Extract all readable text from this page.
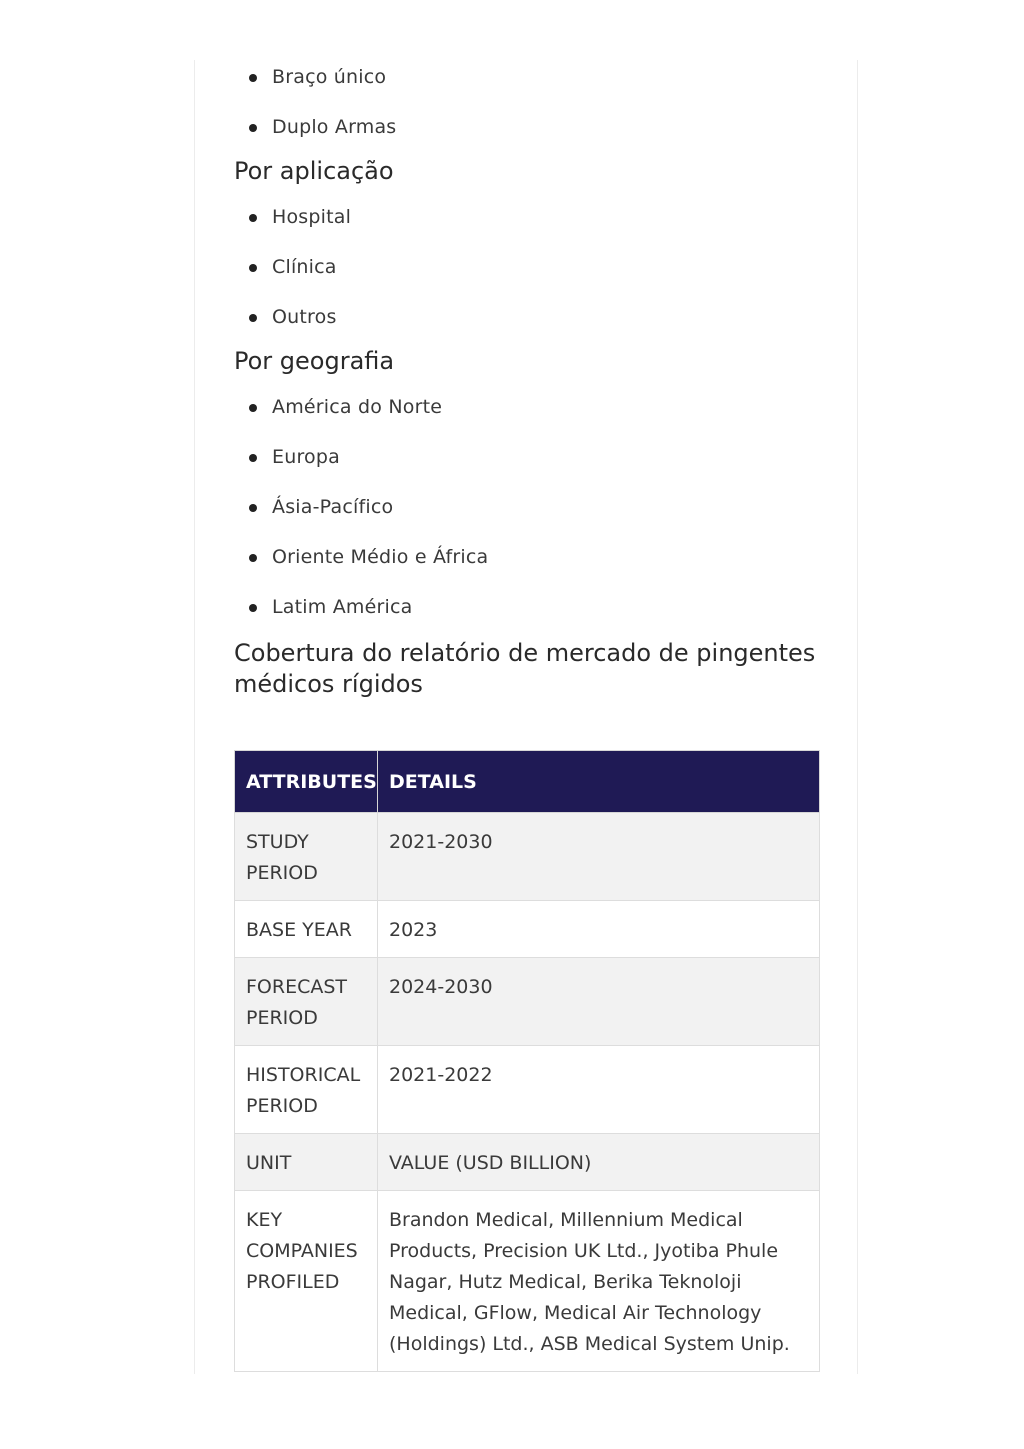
Braço único
Duplo Armas
Por aplicação
Hospital
Clínica
Outros
Por geografia
América do Norte
Europa
Ásia-Pacífico
Oriente Médio e África
Latim América
Cobertura do relatório de mercado de pingentes
médicos rígidos
ATTRIBUTES	DETAILS
STUDY PERIOD	2021-2030
BASE YEAR	2023
FORECAST PERIOD	2024-2030
HISTORICAL PERIOD	2021-2022
UNIT	VALUE (USD BILLION)
KEY COMPANIES PROFILED	Brandon Medical, Millennium Medical Products, Precision UK Ltd., Jyotiba Phule Nagar, Hutz Medical, Berika Teknoloji Medical, GFlow, Medical Air Technology (Holdings) Ltd., ASB Medical System Unip.
